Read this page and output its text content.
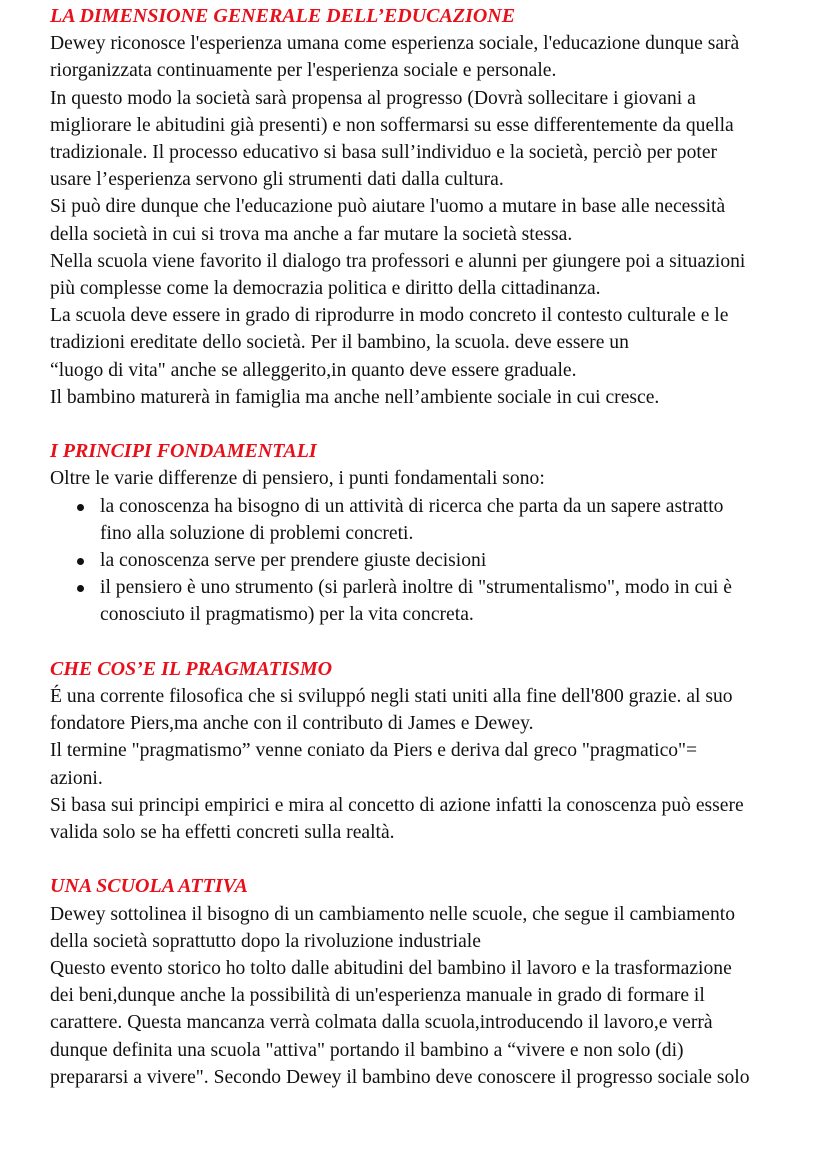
LA DIMENSIONE GENERALE DELL’EDUCAZIONE
Dewey riconosce l'esperienza umana come esperienza sociale, l'educazione dunque sarà
riorganizzata continuamente per l'esperienza sociale e personale.
In questo modo la società sarà propensa al progresso (Dovrà sollecitare i giovani a
migliorare le abitudini già presenti) e non soffermarsi su esse differentemente da quella
tradizionale. Il processo educativo si basa sull’individuo e la società, perciò per poter
usare l’esperienza servono gli strumenti dati dalla cultura.
Si può dire dunque che l'educazione può aiutare l'uomo a mutare in base alle necessità
della società in cui si trova ma anche a far mutare la società stessa.
Nella scuola viene favorito il dialogo tra professori e alunni per giungere poi a situazioni
più complesse come la democrazia politica e diritto della cittadinanza.
La scuola deve essere in grado di riprodurre in modo concreto il contesto culturale e le
tradizioni ereditate dello società. Per il bambino, la scuola. deve essere un
“luogo di vita" anche se alleggerito,in quanto deve essere graduale.
Il bambino maturerà in famiglia ma anche nell’ambiente sociale in cui cresce.
I PRINCIPI FONDAMENTALI
Oltre le varie differenze di pensiero, i punti fondamentali sono:
la conoscenza ha bisogno di un attività di ricerca che parta da un sapere astratto
fino alla soluzione di problemi concreti.
la conoscenza serve per prendere giuste decisioni
il pensiero è uno strumento (si parlerà inoltre di "strumentalismo", modo in cui è
conosciuto il pragmatismo) per la vita concreta.
CHE COS’E IL PRAGMATISMO
É una corrente filosofica che si sviluppó negli stati uniti alla fine dell'800 grazie. al suo
fondatore Piers,ma anche con il contributo di James e Dewey.
Il termine "pragmatismo” venne coniato da Piers e deriva dal greco "pragmatico"=
azioni.
Si basa sui principi empirici e mira al concetto di azione infatti la conoscenza può essere
valida solo se ha effetti concreti sulla realtà.
UNA SCUOLA ATTIVA
Dewey sottolinea il bisogno di un cambiamento nelle scuole, che segue il cambiamento
della società soprattutto dopo la rivoluzione industriale
Questo evento storico ho tolto dalle abitudini del bambino il lavoro e la trasformazione
dei beni,dunque anche la possibilità di un'esperienza manuale in grado di formare il
carattere. Questa mancanza verrà colmata dalla scuola,introducendo il lavoro,e verrà
dunque definita una scuola "attiva" portando il bambino a “vivere e non solo (di)
prepararsi a vivere". Secondo Dewey il bambino deve conoscere il progresso sociale solo
